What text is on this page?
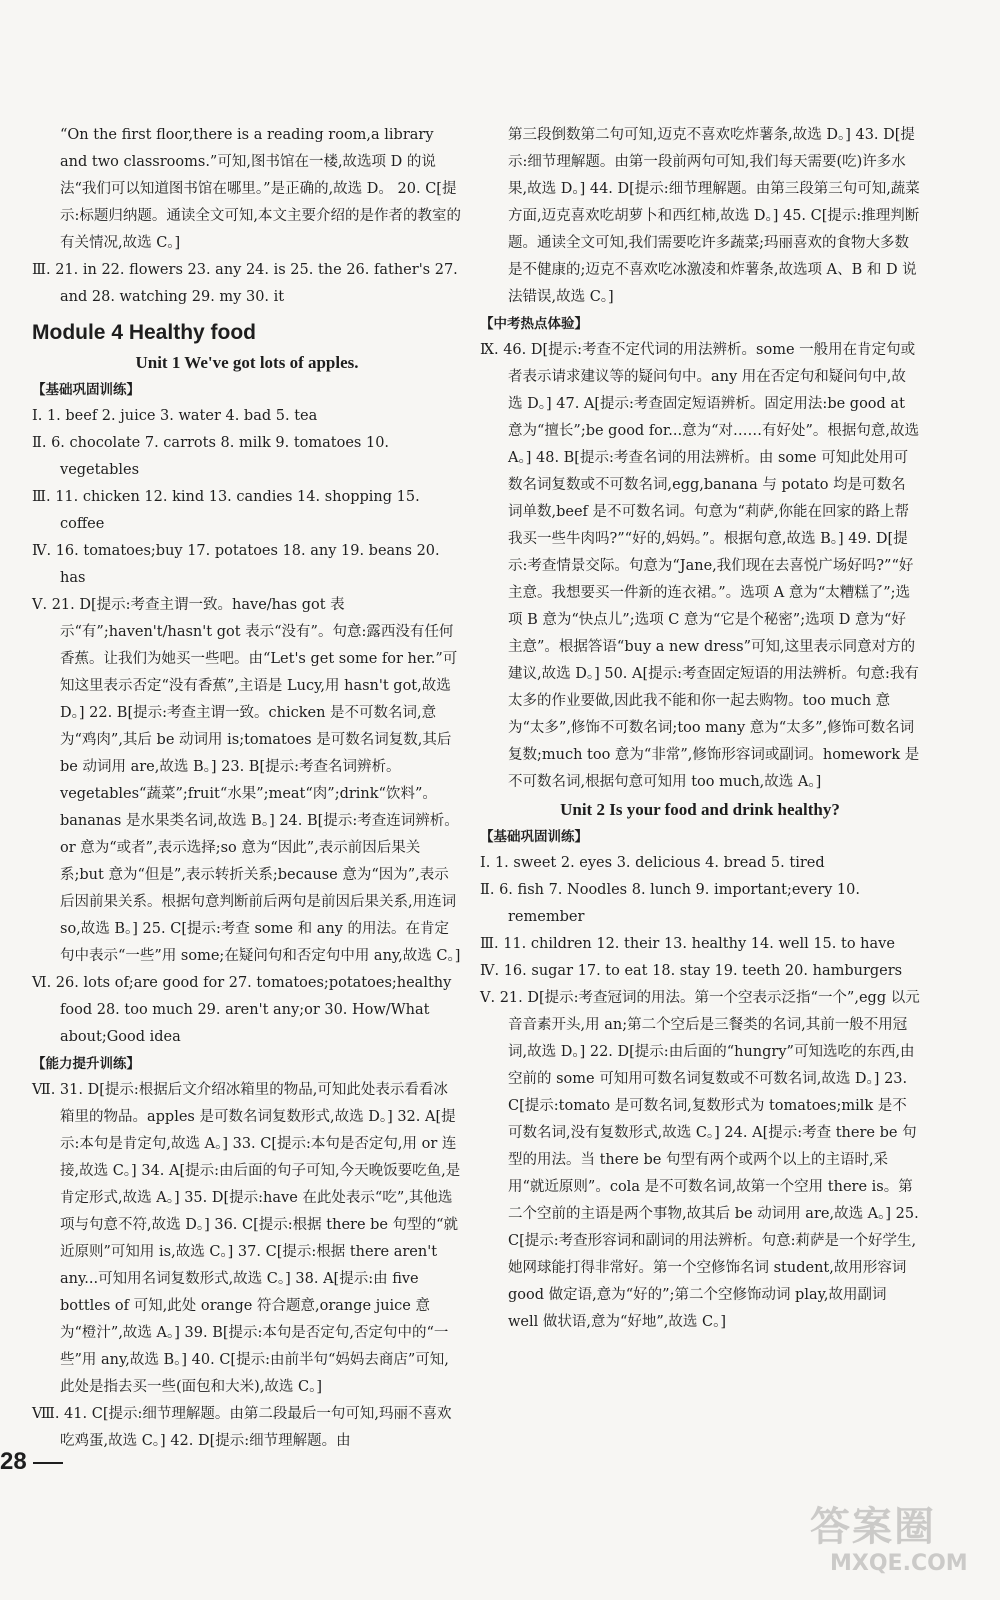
“On the first floor,there is a reading room,a library and two classrooms.”可知,图书馆在一楼,故选项 D 的说法“我们可以知道图书馆在哪里。”是正确的,故选 D。 20. C[提示:标题归纳题。通读全文可知,本文主要介绍的是作者的教室的有关情况,故选 C。]

Ⅲ. 21. in 22. flowers 23. any 24. is 25. the 26. father's 27. and 28. watching 29. my 30. it

Module 4 Healthy food

Unit 1 We've got lots of apples.

【基础巩固训练】

Ⅰ. 1. beef 2. juice 3. water 4. bad 5. tea

Ⅱ. 6. chocolate 7. carrots 8. milk 9. tomatoes 10. vegetables

Ⅲ. 11. chicken 12. kind 13. candies 14. shopping 15. coffee

Ⅳ. 16. tomatoes;buy 17. potatoes 18. any 19. beans 20. has

Ⅴ. 21. D[提示:考查主谓一致。have/has got 表示“有”;haven't/hasn't got 表示“没有”。句意:露西没有任何香蕉。让我们为她买一些吧。由“Let's get some for her.”可知这里表示否定“没有香蕉”,主语是 Lucy,用 hasn't got,故选 D。] 22. B[提示:考查主谓一致。chicken 是不可数名词,意为“鸡肉”,其后 be 动词用 is;tomatoes 是可数名词复数,其后 be 动词用 are,故选 B。] 23. B[提示:考查名词辨析。vegetables“蔬菜”;fruit“水果”;meat“肉”;drink“饮料”。bananas 是水果类名词,故选 B。] 24. B[提示:考查连词辨析。or 意为“或者”,表示选择;so 意为“因此”,表示前因后果关系;but 意为“但是”,表示转折关系;because 意为“因为”,表示后因前果关系。根据句意判断前后两句是前因后果关系,用连词 so,故选 B。] 25. C[提示:考查 some 和 any 的用法。在肯定句中表示“一些”用 some;在疑问句和否定句中用 any,故选 C。]

Ⅵ. 26. lots of;are good for 27. tomatoes;potatoes;healthy food 28. too much 29. aren't any;or 30. How/What about;Good idea

【能力提升训练】

Ⅶ. 31. D[提示:根据后文介绍冰箱里的物品,可知此处表示看看冰箱里的物品。apples 是可数名词复数形式,故选 D。] 32. A[提示:本句是肯定句,故选 A。] 33. C[提示:本句是否定句,用 or 连接,故选 C。] 34. A[提示:由后面的句子可知,今天晚饭要吃鱼,是肯定形式,故选 A。] 35. D[提示:have 在此处表示“吃”,其他选项与句意不符,故选 D。] 36. C[提示:根据 there be 句型的“就近原则”可知用 is,故选 C。] 37. C[提示:根据 there aren't any...可知用名词复数形式,故选 C。] 38. A[提示:由 five bottles of 可知,此处 orange 符合题意,orange juice 意为“橙汁”,故选 A。] 39. B[提示:本句是否定句,否定句中的“一些”用 any,故选 B。] 40. C[提示:由前半句“妈妈去商店”可知,此处是指去买一些(面包和大米),故选 C。]

Ⅷ. 41. C[提示:细节理解题。由第二段最后一句可知,玛丽不喜欢吃鸡蛋,故选 C。] 42. D[提示:细节理解题。由

第三段倒数第二句可知,迈克不喜欢吃炸薯条,故选 D。] 43. D[提示:细节理解题。由第一段前两句可知,我们每天需要(吃)许多水果,故选 D。] 44. D[提示:细节理解题。由第三段第三句可知,蔬菜方面,迈克喜欢吃胡萝卜和西红柿,故选 D。] 45. C[提示:推理判断题。通读全文可知,我们需要吃许多蔬菜;玛丽喜欢的食物大多数是不健康的;迈克不喜欢吃冰激凌和炸薯条,故选项 A、B 和 D 说法错误,故选 C。]

【中考热点体验】

Ⅸ. 46. D[提示:考查不定代词的用法辨析。some 一般用在肯定句或者表示请求建议等的疑问句中。any 用在否定句和疑问句中,故选 D。] 47. A[提示:考查固定短语辨析。固定用法:be good at 意为“擅长”;be good for...意为“对……有好处”。根据句意,故选 A。] 48. B[提示:考查名词的用法辨析。由 some 可知此处用可数名词复数或不可数名词,egg,banana 与 potato 均是可数名词单数,beef 是不可数名词。句意为“莉萨,你能在回家的路上帮我买一些牛肉吗?”“好的,妈妈。”。根据句意,故选 B。] 49. D[提示:考查情景交际。句意为“Jane,我们现在去喜悦广场好吗?”“好主意。我想要买一件新的连衣裙。”。选项 A 意为“太糟糕了”;选项 B 意为“快点儿”;选项 C 意为“它是个秘密”;选项 D 意为“好主意”。根据答语“buy a new dress”可知,这里表示同意对方的建议,故选 D。] 50. A[提示:考查固定短语的用法辨析。句意:我有太多的作业要做,因此我不能和你一起去购物。too much 意为“太多”,修饰不可数名词;too many 意为“太多”,修饰可数名词复数;much too 意为“非常”,修饰形容词或副词。homework 是不可数名词,根据句意可知用 too much,故选 A。]

Unit 2 Is your food and drink healthy?

【基础巩固训练】

Ⅰ. 1. sweet 2. eyes 3. delicious 4. bread 5. tired

Ⅱ. 6. fish 7. Noodles 8. lunch 9. important;every 10. remember

Ⅲ. 11. children 12. their 13. healthy 14. well 15. to have

Ⅳ. 16. sugar 17. to eat 18. stay 19. teeth 20. hamburgers

Ⅴ. 21. D[提示:考查冠词的用法。第一个空表示泛指“一个”,egg 以元音音素开头,用 an;第二个空后是三餐类的名词,其前一般不用冠词,故选 D。] 22. D[提示:由后面的“hungry”可知选吃的东西,由空前的 some 可知用可数名词复数或不可数名词,故选 D。] 23. C[提示:tomato 是可数名词,复数形式为 tomatoes;milk 是不可数名词,没有复数形式,故选 C。] 24. A[提示:考查 there be 句型的用法。当 there be 句型有两个或两个以上的主语时,采用“就近原则”。cola 是不可数名词,故第一个空用 there is。第二个空前的主语是两个事物,故其后 be 动词用 are,故选 A。] 25. C[提示:考查形容词和副词的用法辨析。句意:莉萨是一个好学生,她网球能打得非常好。第一个空修饰名词 student,故用形容词 good 做定语,意为“好的”;第二个空修饰动词 play,故用副词 well 做状语,意为“好地”,故选 C。]

28
答案圈
MXQE.COM
